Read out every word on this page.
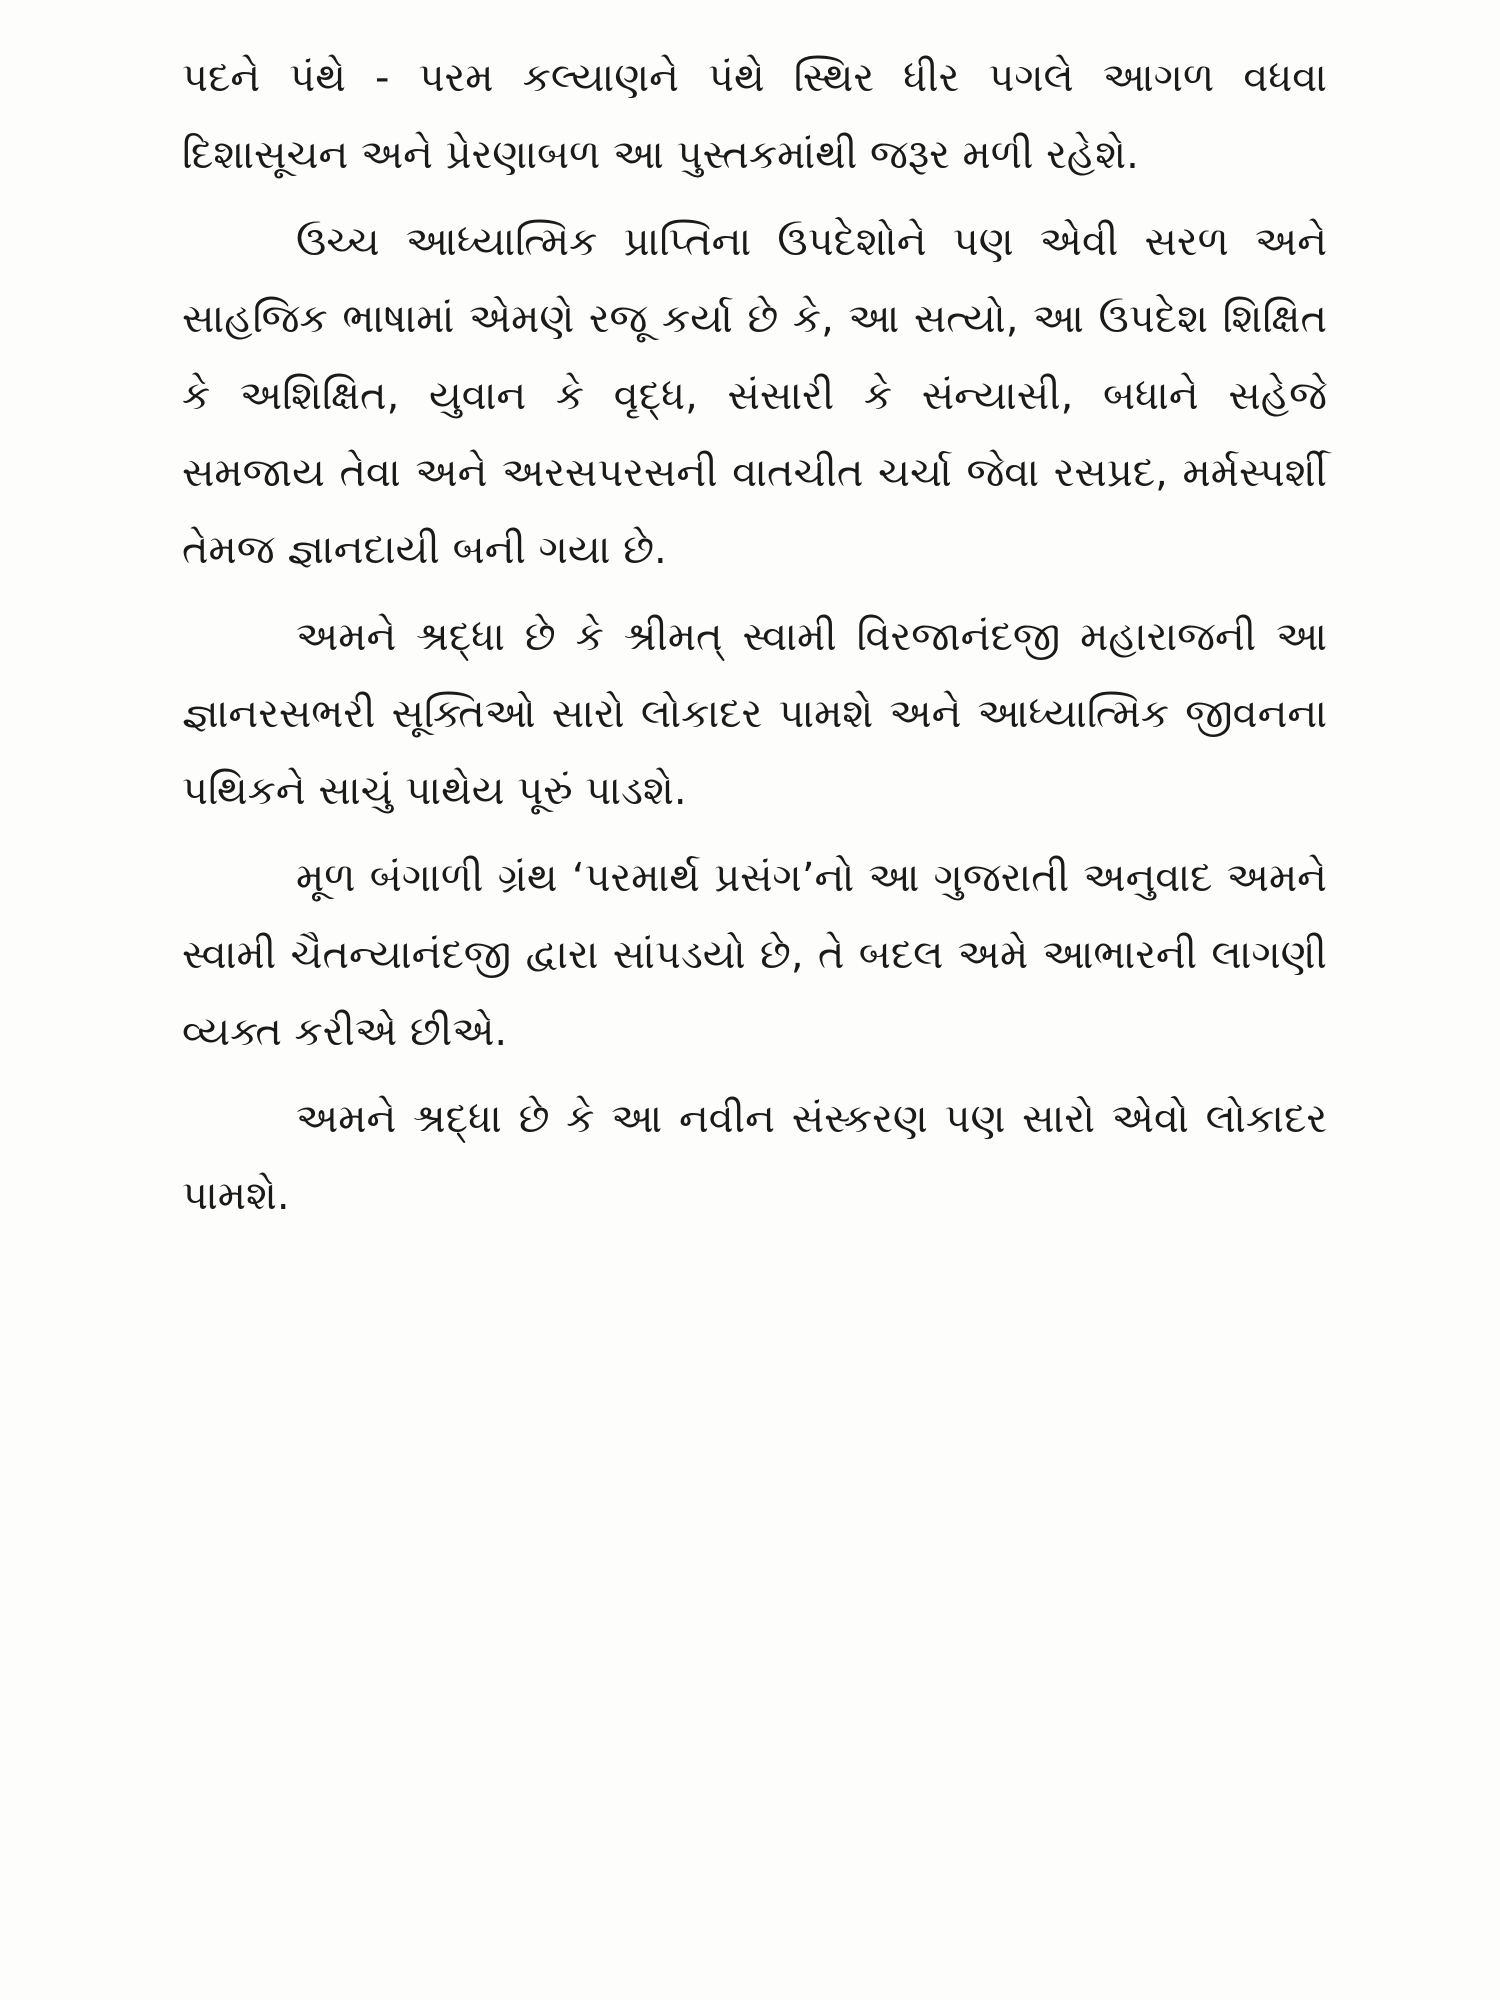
પદને પંથે - પરમ કલ્યાણને પંથે સ્થિર ધીર પગલે આગળ વધવા દિશાસૂચન અને પ્રેરણાબળ આ પુસ્તકમાંથી જરૂર મળી રહેશે.

ઉચ્ચ આધ્યાત્મિક પ્રાપ્તિના ઉપદેશોને પણ એવી સરળ અને સાહજિક ભાષામાં એમણે રજૂ કર્યા છે કે, આ સત્યો, આ ઉપદેશ શિક્ષિત કે અશિક્ષિત, યુવાન કે વૃદ્ધ, સંસારી કે સંન્યાસી, બધાને સહેજે સમજાય તેવા અને અરસપરસની વાતચીત ચર્ચા જેવા રસપ્રદ, મર્મસ્પર્શી તેમજ જ્ઞાનદાયી બની ગયા છે.

અમને શ્રદ્ધા છે કે શ્રીમત્ સ્વામી વિરજાનંદજી મહારાજની આ જ્ઞાનરસભરી સૂક્તિઓ સારો લોકાદર પામશે અને આધ્યાત્મિક જીવનના પથિકને સાચું પાથેય પૂરું પાડશે.

મૂળ બંગાળી ગ્રંથ ‘પરમાર્થ પ્રસંગ’નો આ ગુજરાતી અનુવાદ અમને સ્વામી ચૈતન્યાનંદજી દ્વારા સાંપડયો છે, તે બદલ અમે આભારની લાગણી વ્યક્ત કરીએ છીએ.

અમને શ્રદ્ધા છે કે આ નવીન સંસ્કરણ પણ સારો એવો લોકાદર પામશે.
